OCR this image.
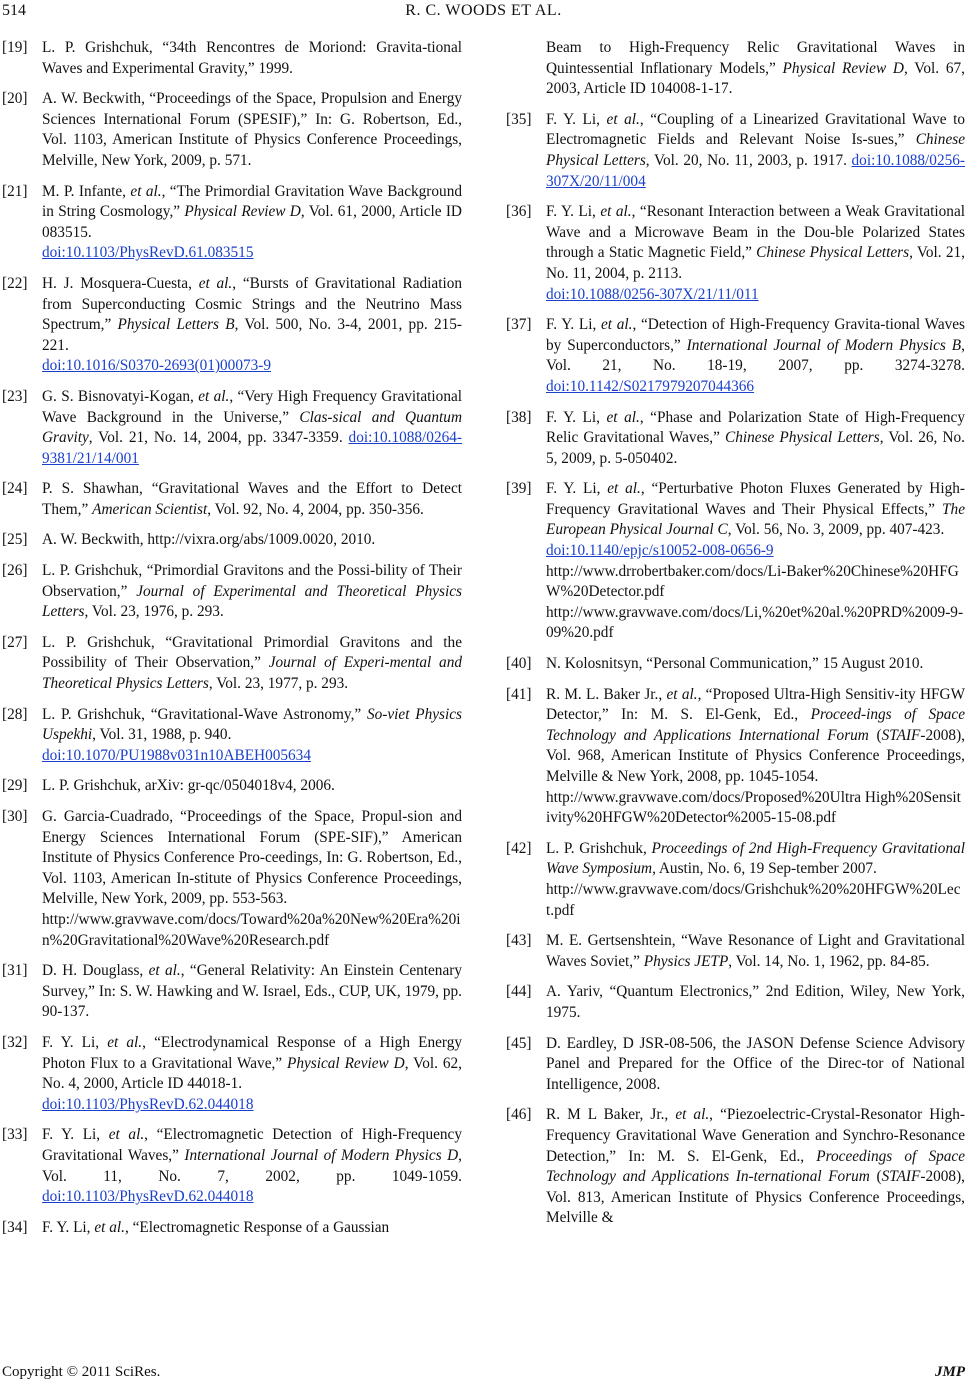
514	R. C. WOODS ET AL.
[19] L. P. Grishchuk, “34th Rencontres de Moriond: Gravita-tional Waves and Experimental Gravity,” 1999.
[20] A. W. Beckwith, “Proceedings of the Space, Propulsion and Energy Sciences International Forum (SPESIF),” In: G. Robertson, Ed., Vol. 1103, American Institute of Physics Conference Proceedings, Melville, New York, 2009, p. 571.
[21] M. P. Infante, et al., “The Primordial Gravitation Wave Background in String Cosmology,” Physical Review D, Vol. 61, 2000, Article ID 083515.
doi:10.1103/PhysRevD.61.083515
[22] H. J. Mosquera-Cuesta, et al., “Bursts of Gravitational Radiation from Superconducting Cosmic Strings and the Neutrino Mass Spectrum,” Physical Letters B, Vol. 500, No. 3-4, 2001, pp. 215-221.
doi:10.1016/S0370-2693(01)00073-9
[23] G. S. Bisnovatyi-Kogan, et al., “Very High Frequency Gravitational Wave Background in the Universe,” Clas-sical and Quantum Gravity, Vol. 21, No. 14, 2004, pp. 3347-3359. doi:10.1088/0264-9381/21/14/001
[24] P. S. Shawhan, “Gravitational Waves and the Effort to Detect Them,” American Scientist, Vol. 92, No. 4, 2004, pp. 350-356.
[25] A. W. Beckwith, http://vixra.org/abs/1009.0020, 2010.
[26] L. P. Grishchuk, “Primordial Gravitons and the Possi-bility of Their Observation,” Journal of Experimental and Theoretical Physics Letters, Vol. 23, 1976, p. 293.
[27] L. P. Grishchuk, “Gravitational Primordial Gravitons and the Possibility of Their Observation,” Journal of Experi-mental and Theoretical Physics Letters, Vol. 23, 1977, p. 293.
[28] L. P. Grishchuk, “Gravitational-Wave Astronomy,” So-viet Physics Uspekhi, Vol. 31, 1988, p. 940.
doi:10.1070/PU1988v031n10ABEH005634
[29] L. P. Grishchuk, arXiv: gr-qc/0504018v4, 2006.
[30] G. Garcia-Cuadrado, “Proceedings of the Space, Propul-sion and Energy Sciences International Forum (SPE-SIF),” American Institute of Physics Conference Pro-ceedings, In: G. Robertson, Ed., Vol. 1103, American In-stitute of Physics Conference Proceedings, Melville, New York, 2009, pp. 553-563.
http://www.gravwave.com/docs/Toward%20a%20New%20Era%20in%20Gravitational%20Wave%20Research.pdf
[31] D. H. Douglass, et al., “General Relativity: An Einstein Centenary Survey,” In: S. W. Hawking and W. Israel, Eds., CUP, UK, 1979, pp. 90-137.
[32] F. Y. Li, et al., “Electrodynamical Response of a High Energy Photon Flux to a Gravitational Wave,” Physical Review D, Vol. 62, No. 4, 2000, Article ID 44018-1.
doi:10.1103/PhysRevD.62.044018
[33] F. Y. Li, et al., “Electromagnetic Detection of High-Frequency Gravitational Waves,” International Journal of Modern Physics D, Vol. 11, No. 7, 2002, pp. 1049-1059. doi:10.1103/PhysRevD.62.044018
[34] F. Y. Li, et al., “Electromagnetic Response of a Gaussian
Beam to High-Frequency Relic Gravitational Waves in Quintessential Inflationary Models,” Physical Review D, Vol. 67, 2003, Article ID 104008-1-17.
[35] F. Y. Li, et al., “Coupling of a Linearized Gravitational Wave to Electromagnetic Fields and Relevant Noise Is-sues,” Chinese Physical Letters, Vol. 20, No. 11, 2003, p. 1917. doi:10.1088/0256-307X/20/11/004
[36] F. Y. Li, et al., “Resonant Interaction between a Weak Gravitational Wave and a Microwave Beam in the Dou-ble Polarized States through a Static Magnetic Field,” Chinese Physical Letters, Vol. 21, No. 11, 2004, p. 2113.
doi:10.1088/0256-307X/21/11/011
[37] F. Y. Li, et al., “Detection of High-Frequency Gravita-tional Waves by Superconductors,” International Journal of Modern Physics B, Vol. 21, No. 18-19, 2007, pp. 3274-3278. doi:10.1142/S0217979207044366
[38] F. Y. Li, et al., “Phase and Polarization State of High-Frequency Relic Gravitational Waves,” Chinese Physical Letters, Vol. 26, No. 5, 2009, p. 5-050402.
[39] F. Y. Li, et al., “Perturbative Photon Fluxes Generated by High-Frequency Gravitational Waves and Their Physical Effects,” The European Physical Journal C, Vol. 56, No. 3, 2009, pp. 407-423.
doi:10.1140/epjc/s10052-008-0656-9
http://www.drrobertbaker.com/docs/Li-Baker%20Chinese%20HFGW%20Detector.pdf
http://www.gravwave.com/docs/Li,%20et%20al.%20PRD%2009-9-09%20.pdf
[40] N. Kolosnitsyn, “Personal Communication,” 15 August 2010.
[41] R. M. L. Baker Jr., et al., “Proposed Ultra-High Sensitiv-ity HFGW Detector,” In: M. S. El-Genk, Ed., Proceed-ings of Space Technology and Applications International Forum (STAIF-2008), Vol. 968, American Institute of Physics Conference Proceedings, Melville & New York, 2008, pp. 1045-1054.
http://www.gravwave.com/docs/Proposed%20Ultra High%20Sensitivity%20HFGW%20Detector%2005-15-08.pdf
[42] L. P. Grishchuk, Proceedings of 2nd High-Frequency Gravitational Wave Symposium, Austin, No. 6, 19 Sep-tember 2007.
http://www.gravwave.com/docs/Grishchuk%20%20HFGW%20Lect.pdf
[43] M. E. Gertsenshtein, “Wave Resonance of Light and Gravitational Waves Soviet,” Physics JETP, Vol. 14, No. 1, 1962, pp. 84-85.
[44] A. Yariv, “Quantum Electronics,” 2nd Edition, Wiley, New York, 1975.
[45] D. Eardley, D JSR-08-506, the JASON Defense Science Advisory Panel and Prepared for the Office of the Direc-tor of National Intelligence, 2008.
[46] R. M L Baker, Jr., et al., “Piezoelectric-Crystal-Resonator High-Frequency Gravitational Wave Generation and Synchro-Resonance Detection,” In: M. S. El-Genk, Ed., Proceedings of Space Technology and Applications In-ternational Forum (STAIF-2008), Vol. 813, American Institute of Physics Conference Proceedings, Melville &
Copyright © 2011 SciRes.	JMP
